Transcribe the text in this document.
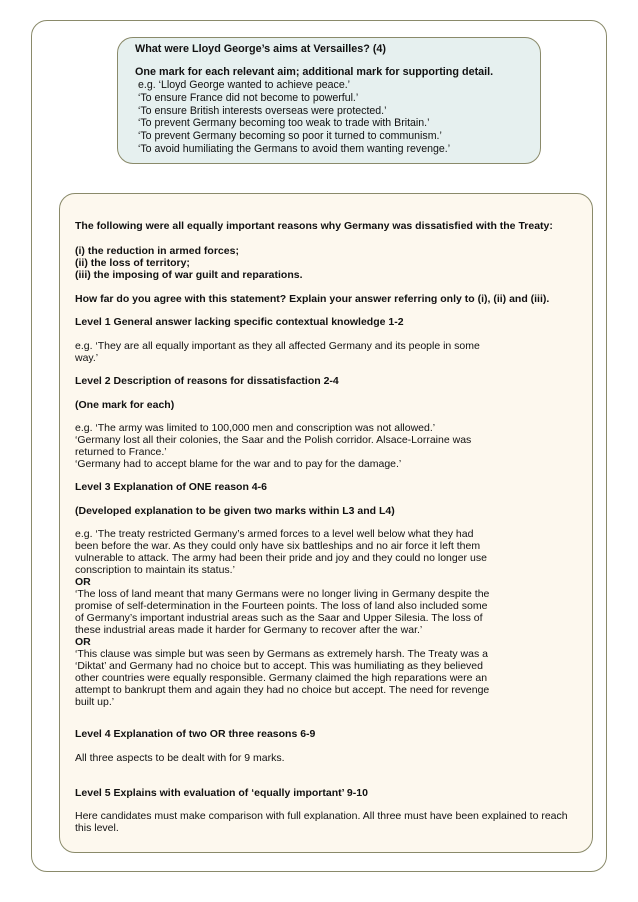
What were Lloyd George’s aims at Versailles? (4)
One mark for each relevant aim; additional mark for supporting detail.
e.g. ‘Lloyd George wanted to achieve peace.’
‘To ensure France did not become to powerful.’
‘To ensure British interests overseas were protected.’
‘To prevent Germany becoming too weak to trade with Britain.’
‘To prevent Germany becoming so poor it turned to communism.’
‘To avoid humiliating the Germans to avoid them wanting revenge.’
The following were all equally important reasons why Germany was dissatisfied with the Treaty:
(i) the reduction in armed forces;
(ii) the loss of territory;
(iii) the imposing of war guilt and reparations.
How far do you agree with this statement? Explain your answer referring only to (i), (ii) and (iii).
Level 1 General answer lacking specific contextual knowledge 1-2
e.g. ‘They are all equally important as they all affected Germany and its people in some
way.’
Level 2 Description of reasons for dissatisfaction 2-4
(One mark for each)
e.g. ‘The army was limited to 100,000 men and conscription was not allowed.’
‘Germany lost all their colonies, the Saar and the Polish corridor. Alsace-Lorraine was
returned to France.’
‘Germany had to accept blame for the war and to pay for the damage.’
Level 3 Explanation of ONE reason 4-6
(Developed explanation to be given two marks within L3 and L4)
e.g. ‘The treaty restricted Germany’s armed forces to a level well below what they had
been before the war. As they could only have six battleships and no air force it left them
vulnerable to attack. The army had been their pride and joy and they could no longer use
conscription to maintain its status.’
OR
‘The loss of land meant that many Germans were no longer living in Germany despite the
promise of self-determination in the Fourteen points. The loss of land also included some
of Germany’s important industrial areas such as the Saar and Upper Silesia. The loss of
these industrial areas made it harder for Germany to recover after the war.’
OR
‘This clause was simple but was seen by Germans as extremely harsh. The Treaty was a
‘Diktat’ and Germany had no choice but to accept. This was humiliating as they believed
other countries were equally responsible. Germany claimed the high reparations were an
attempt to bankrupt them and again they had no choice but accept. The need for revenge
built up.’
Level 4 Explanation of two OR three reasons 6-9
All three aspects to be dealt with for 9 marks.
Level 5 Explains with evaluation of ‘equally important’ 9-10
Here candidates must make comparison with full explanation. All three must have been explained to reach
this level.
